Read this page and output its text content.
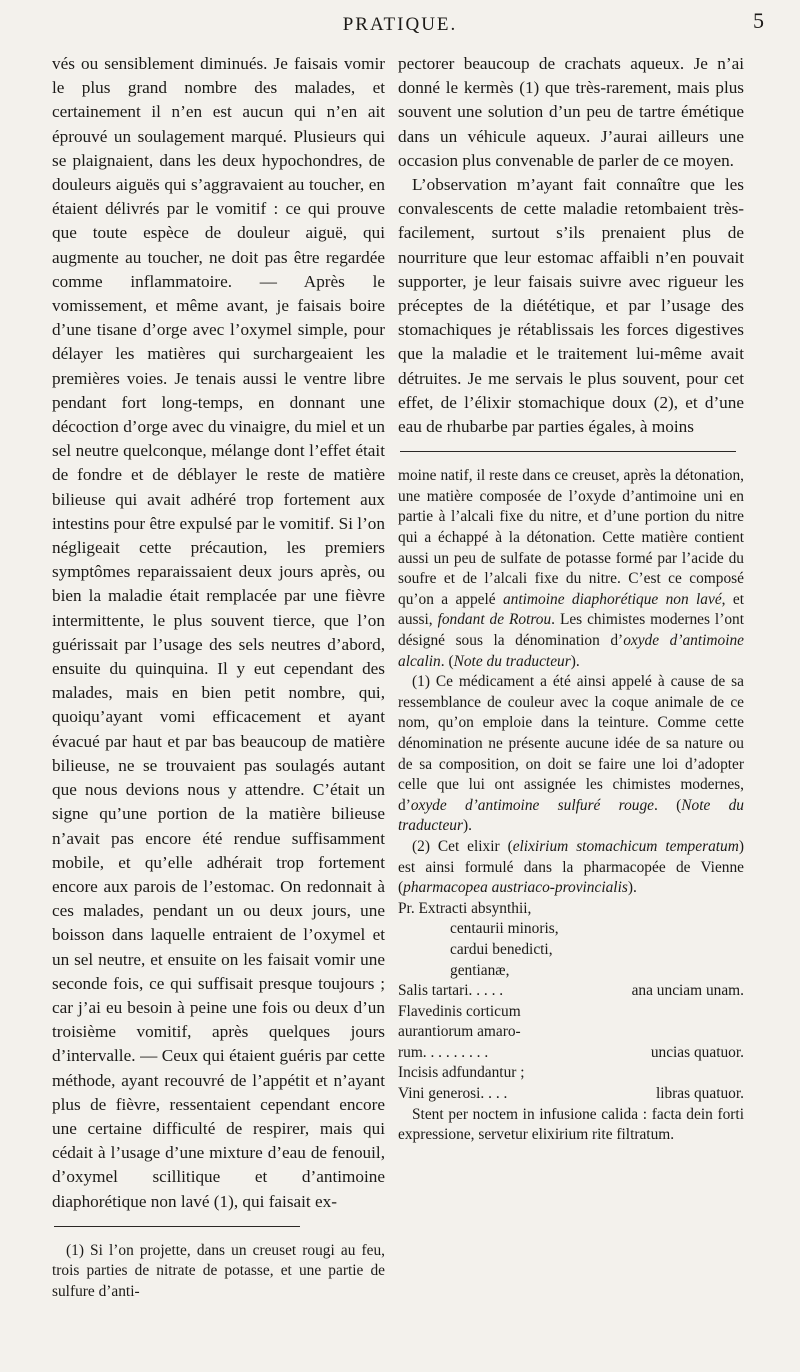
PRATIQUE.	5

vés ou sensiblement diminués. Je faisais vomir le plus grand nombre des malades, et certainement il n’en est aucun qui n’en ait éprouvé un soulagement marqué. Plusieurs qui se plaignaient, dans les deux hypochondres, de douleurs aiguës qui s’aggravaient au toucher, en étaient délivrés par le vomitif : ce qui prouve que toute espèce de douleur aiguë, qui augmente au toucher, ne doit pas être regardée comme inflammatoire. — Après le vomissement, et même avant, je faisais boire d’une tisane d’orge avec l’oxymel simple, pour délayer les matières qui surchargeaient les premières voies. Je tenais aussi le ventre libre pendant fort long-temps, en donnant une décoction d’orge avec du vinaigre, du miel et un sel neutre quelconque, mélange dont l’effet était de fondre et de déblayer le reste de matière bilieuse qui avait adhéré trop fortement aux intestins pour être expulsé par le vomitif. Si l’on négligeait cette précaution, les premiers symptômes reparaissaient deux jours après, ou bien la maladie était remplacée par une fièvre intermittente, le plus souvent tierce, que l’on guérissait par l’usage des sels neutres d’abord, ensuite du quinquina. Il y eut cependant des malades, mais en bien petit nombre, qui, quoiqu’ayant vomi efficacement et ayant évacué par haut et par bas beaucoup de matière bilieuse, ne se trouvaient pas soulagés autant que nous devions nous y attendre. C’était un signe qu’une portion de la matière bilieuse n’avait pas encore été rendue suffisamment mobile, et qu’elle adhérait trop fortement encore aux parois de l’estomac. On redonnait à ces malades, pendant un ou deux jours, une boisson dans laquelle entraient de l’oxymel et un sel neutre, et ensuite on les faisait vomir une seconde fois, ce qui suffisait presque toujours ; car j’ai eu besoin à peine une fois ou deux d’un troisième vomitif, après quelques jours d’intervalle. — Ceux qui étaient guéris par cette méthode, ayant recouvré de l’appétit et n’ayant plus de fièvre, ressentaient cependant encore une certaine difficulté de respirer, mais qui cédait à l’usage d’une mixture d’eau de fenouil, d’oxymel scillitique et d’antimoine diaphorétique non lavé (1), qui faisait ex-

(1) Si l’on projette, dans un creuset rougi au feu, trois parties de nitrate de potasse, et une partie de sulfure d’anti-

pectorer beaucoup de crachats aqueux. Je n’ai donné le kermès (1) que très-rarement, mais plus souvent une solution d’un peu de tartre émétique dans un véhicule aqueux. J’aurai ailleurs une occasion plus convenable de parler de ce moyen.

L’observation m’ayant fait connaître que les convalescents de cette maladie retombaient très-facilement, surtout s’ils prenaient plus de nourriture que leur estomac affaibli n’en pouvait supporter, je leur faisais suivre avec rigueur les préceptes de la diététique, et par l’usage des stomachiques je rétablissais les forces digestives que la maladie et le traitement lui-même avait détruites. Je me servais le plus souvent, pour cet effet, de l’élixir stomachique doux (2), et d’une eau de rhubarbe par parties égales, à moins

moine natif, il reste dans ce creuset, après la détonation, une matière composée de l’oxyde d’antimoine uni en partie à l’alcali fixe du nitre, et d’une portion du nitre qui a échappé à la détonation. Cette matière contient aussi un peu de sulfate de potasse formé par l’acide du soufre et de l’alcali fixe du nitre. C’est ce composé qu’on a appelé antimoine diaphorétique non lavé, et aussi, fondant de Rotrou. Les chimistes modernes l’ont désigné sous la dénomination d’oxyde d’antimoine alcalin. (Note du traducteur).

(1) Ce médicament a été ainsi appelé à cause de sa ressemblance de couleur avec la coque animale de ce nom, qu’on emploie dans la teinture. Comme cette dénomination ne présente aucune idée de sa nature ou de sa composition, on doit se faire une loi d’adopter celle que lui ont assignée les chimistes modernes, d’oxyde d’antimoine sulfuré rouge. (Note du traducteur).

(2) Cet elixir (elixirium stomachicum temperatum) est ainsi formulé dans la pharmacopée de Vienne (pharmacopea austriaco-provincialis).

Pr. Extracti absynthii,
centaurii minoris,
cardui benedicti,
gentianæ,
Salis tartari. . . . .	ana unciam unam.
Flavedinis corticum
aurantiorum amaro-
rum. . . . . . . . .	uncias quatuor.
Incisis adfundantur ;
Vini generosi. . . .	libras quatuor.
Stent per noctem in infusione calida : facta dein forti expressione, servetur elixirium rite filtratum.
